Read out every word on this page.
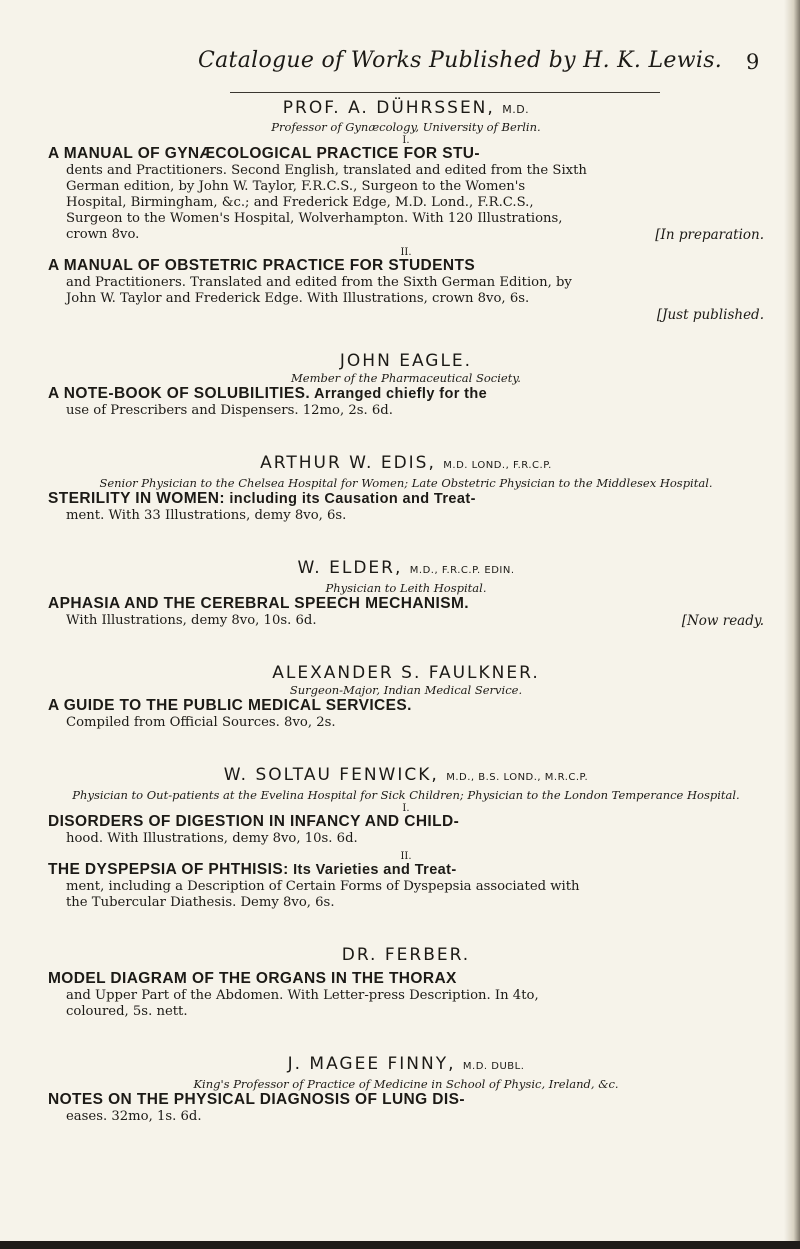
Catalogue of Works Published by H. K. Lewis. 9

PROF. A. DÜHRSSEN, M.D.

Professor of Gynæcology, University of Berlin.

I.

A MANUAL OF GYNÆCOLOGICAL PRACTICE FOR STU-
dents and Practitioners. Second English, translated and edited from the Sixth
German edition, by John W. Taylor, F.R.C.S., Surgeon to the Women's
Hospital, Birmingham, &c.; and Frederick Edge, M.D. Lond., F.R.C.S.,
Surgeon to the Women's Hospital, Wolverhampton. With 120 Illustrations,
crown 8vo.	[In preparation.

II.

A MANUAL OF OBSTETRIC PRACTICE FOR STUDENTS
and Practitioners. Translated and edited from the Sixth German Edition, by
John W. Taylor and Frederick Edge. With Illustrations, crown 8vo, 6s.
[Just published.

JOHN EAGLE.

Member of the Pharmaceutical Society.

A NOTE-BOOK OF SOLUBILITIES. Arranged chiefly for the
use of Prescribers and Dispensers. 12mo, 2s. 6d.

ARTHUR W. EDIS, M.D. LOND., F.R.C.P.

Senior Physician to the Chelsea Hospital for Women; Late Obstetric Physician to the Middlesex Hospital.

STERILITY IN WOMEN: including its Causation and Treat-
ment. With 33 Illustrations, demy 8vo, 6s.

W. ELDER, M.D., F.R.C.P. EDIN.

Physician to Leith Hospital.

APHASIA AND THE CEREBRAL SPEECH MECHANISM.
With Illustrations, demy 8vo, 10s. 6d.	[Now ready.

ALEXANDER S. FAULKNER.

Surgeon-Major, Indian Medical Service.

A GUIDE TO THE PUBLIC MEDICAL SERVICES.
Compiled from Official Sources. 8vo, 2s.

W. SOLTAU FENWICK, M.D., B.S. LOND., M.R.C.P.

Physician to Out-patients at the Evelina Hospital for Sick Children; Physician to the London Temperance Hospital.

I.

DISORDERS OF DIGESTION IN INFANCY AND CHILD-
hood. With Illustrations, demy 8vo, 10s. 6d.

II.

THE DYSPEPSIA OF PHTHISIS: Its Varieties and Treat-
ment, including a Description of Certain Forms of Dyspepsia associated with
the Tubercular Diathesis. Demy 8vo, 6s.

DR. FERBER.

MODEL DIAGRAM OF THE ORGANS IN THE THORAX
and Upper Part of the Abdomen. With Letter-press Description. In 4to,
coloured, 5s. nett.

J. MAGEE FINNY, M.D. DUBL.

King's Professor of Practice of Medicine in School of Physic, Ireland, &c.

NOTES ON THE PHYSICAL DIAGNOSIS OF LUNG DIS-
eases. 32mo, 1s. 6d.
